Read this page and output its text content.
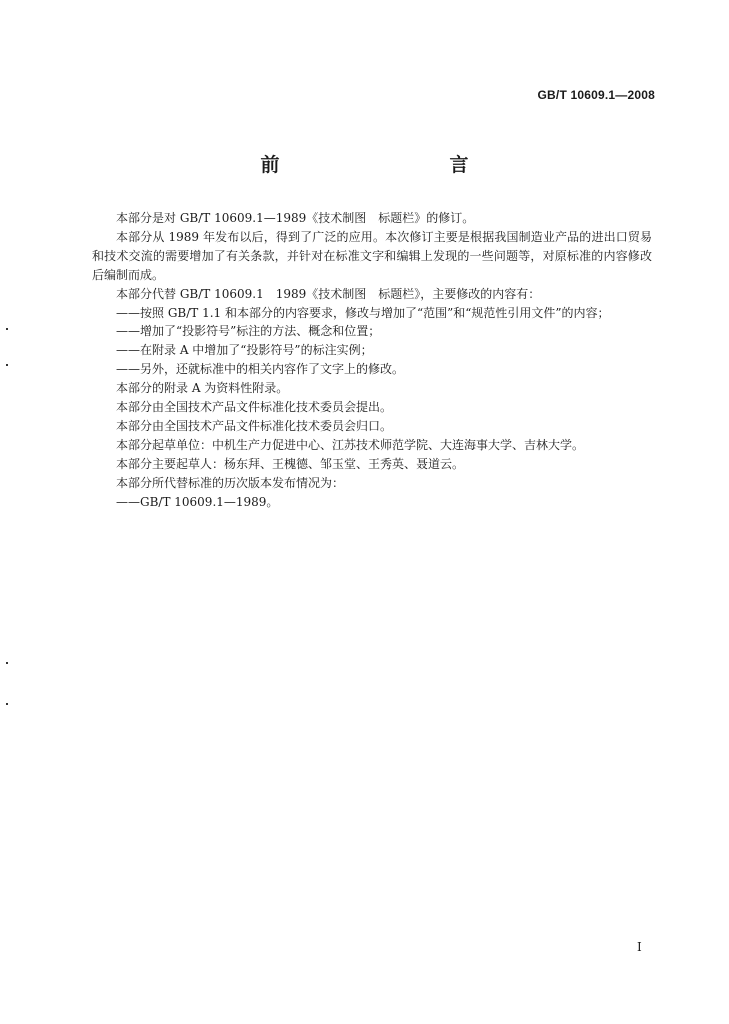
GB/T 10609.1—2008
前　　言

本部分是对 GB/T 10609.1—1989《技术制图　标题栏》的修订。

本部分从 1989 年发布以后，得到了广泛的应用。本次修订主要是根据我国制造业产品的进出口贸易和技术交流的需要增加了有关条款，并针对在标准文字和编辑上发现的一些问题等，对原标准的内容修改后编制而成。

本部分代替 GB/T 10609.1　1989《技术制图　标题栏》，主要修改的内容有：

——按照 GB/T 1.1 和本部分的内容要求，修改与增加了“范围”和“规范性引用文件”的内容；

——增加了“投影符号”标注的方法、概念和位置；

——在附录 A 中增加了“投影符号”的标注实例；

——另外，还就标准中的相关内容作了文字上的修改。

本部分的附录 A 为资料性附录。

本部分由全国技术产品文件标准化技术委员会提出。

本部分由全国技术产品文件标准化技术委员会归口。

本部分起草单位：中机生产力促进中心、江苏技术师范学院、大连海事大学、吉林大学。

本部分主要起草人：杨东拜、王槐德、邹玉堂、王秀英、聂道云。

本部分所代替标准的历次版本发布情况为：

——GB/T 10609.1—1989。

I
